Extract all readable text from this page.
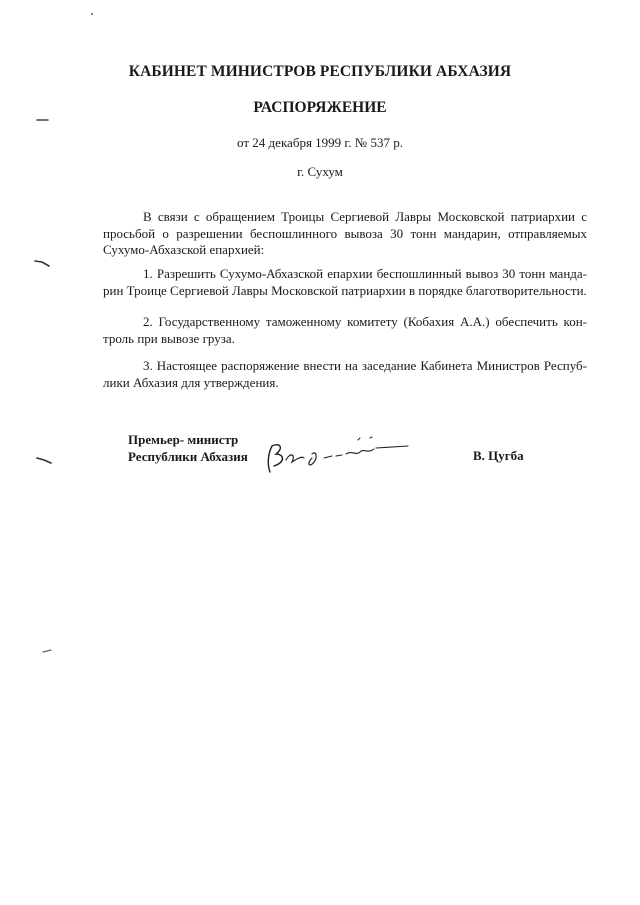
КАБИНЕТ МИНИСТРОВ РЕСПУБЛИКИ АБХАЗИЯ
РАСПОРЯЖЕНИЕ
от 24 декабря 1999 г. № 537 р.
г. Сухум
В связи с обращением Троицы Сергиевой Лавры Московской патриархии с
просьбой о разрешении беспошлинного вывоза 30 тонн мандарин, отправляемых
Сухумо-Абхазской епархией:
1. Разрешить Сухумо-Абхазской епархии беспошлинный вывоз 30 тонн манда-
рин Троице Сергиевой Лавры Московской патриархии в порядке благотворительности.
2. Государственному таможенному комитету (Кобахия А.А.) обеспечить кон-
троль при вывозе груза.
3. Настоящее распоряжение внести на заседание Кабинета Министров Респуб-
лики Абхазия для утверждения.
Премьер- министр
Республики Абхазия	В. Цугба
